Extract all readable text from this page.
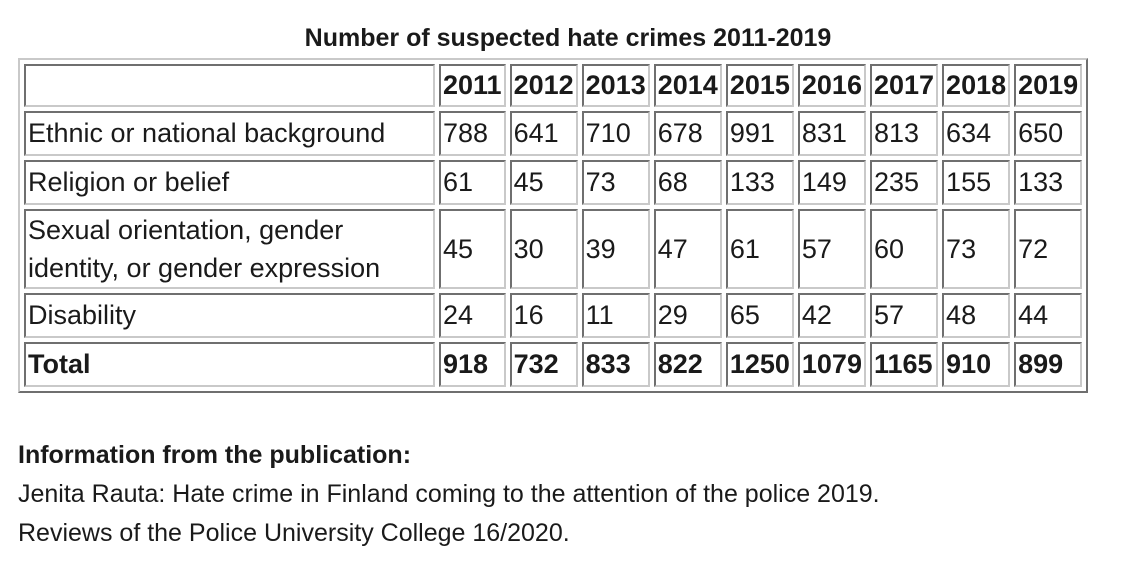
Number of suspected hate crimes 2011-2019
	2011	2012	2013	2014	2015	2016	2017	2018	2019
Ethnic or national background	788	641	710	678	991	831	813	634	650
Religion or belief	61	45	73	68	133	149	235	155	133
Sexual orientation, gender identity, or gender expression	45	30	39	47	61	57	60	73	72
Disability	24	16	11	29	65	42	57	48	44
Total	918	732	833	822	1250	1079	1165	910	899
Information from the publication:
Jenita Rauta: Hate crime in Finland coming to the attention of the police 2019.
Reviews of the Police University College 16/2020.
